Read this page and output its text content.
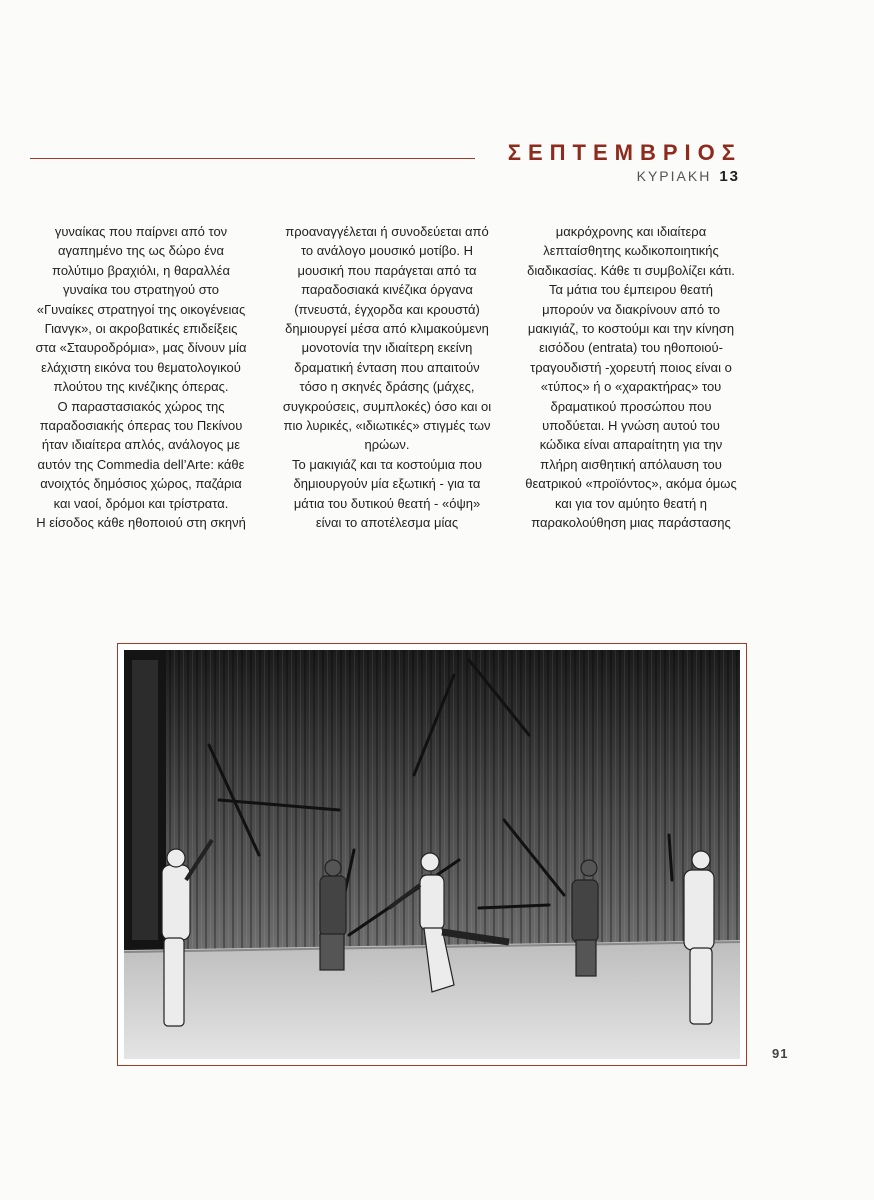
ΣΕΠΤΕΜΒΡΙΟΣ
ΚΥΡΙΑΚΗ 13
γυναίκας που παίρνει από τον
αγαπημένο της ως δώρο ένα
πολύτιμο βραχιόλι, η θαραλλέα
γυναίκα του στρατηγού στο
«Γυναίκες στρατηγοί της οικογένειας
Γιανγκ», οι ακροβατικές επιδείξεις
στα «Σταυροδρόμια», μας δίνουν μία
ελάχιστη εικόνα του θεματολογικού
πλούτου της κινέζικης όπερας.
Ο παραστασιακός χώρος της
παραδοσιακής όπερας του Πεκίνου
ήταν ιδιαίτερα απλός, ανάλογος με
αυτόν της Commedia dell’Arte: κάθε
ανοιχτός δημόσιος χώρος, παζάρια
και ναοί, δρόμοι και τρίστρατα.
Η είσοδος κάθε ηθοποιού στη σκηνή
προαναγγέλεται ή συνοδεύεται από
το ανάλογο μουσικό μοτίβο. Η
μουσική που παράγεται από τα
παραδοσιακά κινέζικα όργανα
(πνευστά, έγχορδα και κρουστά)
δημιουργεί μέσα από κλιμακούμενη
μονοτονία την ιδιαίτερη εκείνη
δραματική ένταση που απαιτούν
τόσο η σκηνές δράσης (μάχες,
συγκρούσεις, συμπλοκές) όσο και οι
πιο λυρικές, «ιδιωτικές» στιγμές των
ηρώων.
Το μακιγιάζ και τα κοστούμια που
δημιουργούν μία εξωτική - για τα
μάτια του δυτικού θεατή - «όψη»
είναι το αποτέλεσμα μίας
μακρόχρονης και ιδιαίτερα
λεπταίσθητης κωδικοποιητικής
διαδικασίας. Κάθε τι συμβολίζει κάτι.
Τα μάτια του έμπειρου θεατή
μπορούν να διακρίνουν από το
μακιγιάζ, το κοστούμι και την κίνηση
εισόδου (entrata) του ηθοποιού-
τραγουδιστή -χορευτή ποιος είναι ο
«τύπος» ή ο «χαρακτήρας» του
δραματικού προσώπου που
υποδύεται. Η γνώση αυτού του
κώδικα είναι απαραίτητη για την
πλήρη αισθητική απόλαυση του
θεατρικού «προϊόντος», ακόμα όμως
και για τον αμύητο θεατή η
παρακολούθηση μιας παράστασης
91
